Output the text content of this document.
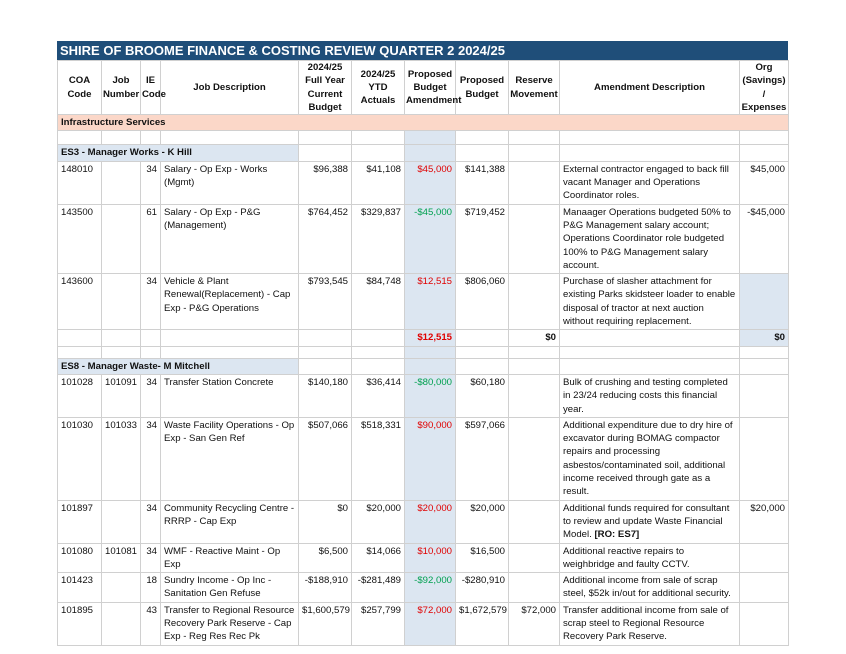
SHIRE OF BROOME FINANCE & COSTING REVIEW QUARTER 2 2024/25
COA Code	Job Number	IE Code	Job Description	2024/25 Full Year Current Budget	2024/25 YTD Actuals	Proposed Budget Amendment	Proposed Budget	Reserve Movement	Amendment Description	Org (Savings) / Expenses
Infrastructure Services										

ES3 - Manager Works - K Hill										
148010		34	Salary - Op Exp - Works (Mgmt)	$96,388	$41,108	$45,000	$141,388		External contractor engaged to back fill vacant Manager and Operations Coordinator roles.	$45,000
143500		61	Salary - Op Exp - P&G (Management)	$764,452	$329,837	-$45,000	$719,452		Manaager Operations budgeted 50% to P&G Management salary account; Operations Coordinator role budgeted 100% to P&G Management salary account.	-$45,000
143600		34	Vehicle & Plant Renewal(Replacement) - Cap Exp - P&G Operations	$793,545	$84,748	$12,515	$806,060		Purchase of slasher attachment for existing Parks skidsteer loader to enable disposal of tractor at next auction without requiring replacement.	
						$12,515		$0		$0

ES8 - Manager Waste- M Mitchell										
101028	101091	34	Transfer Station Concrete	$140,180	$36,414	-$80,000	$60,180		Bulk of crushing and testing completed in 23/24 reducing costs this financial year.	
101030	101033	34	Waste Facility Operations - Op Exp - San Gen Ref	$507,066	$518,331	$90,000	$597,066		Additional expenditure due to dry hire of excavator during BOMAG compactor repairs and processing asbestos/contaminated soil, additional income received through gate as a result.	
101897		34	Community Recycling Centre - RRRP - Cap Exp	$0	$20,000	$20,000	$20,000		Additional funds required for consultant to review and update Waste Financial Model. [RO: ES7]	$20,000
101080	101081	34	WMF - Reactive Maint - Op Exp	$6,500	$14,066	$10,000	$16,500		Additional reactive repairs to weighbridge and faulty CCTV.	
101423		18	Sundry Income - Op Inc - Sanitation Gen Refuse	-$188,910	-$281,489	-$92,000	-$280,910		Additional income from sale of scrap steel, $52k in/out for additional security.	
101895		43	Transfer to Regional Resource Recovery Park Reserve - Cap Exp - Reg Res Rec Pk	$1,600,579	$257,799	$72,000	$1,672,579	$72,000	Transfer additional income from sale of scrap steel to Regional Resource Recovery Park Reserve.	
